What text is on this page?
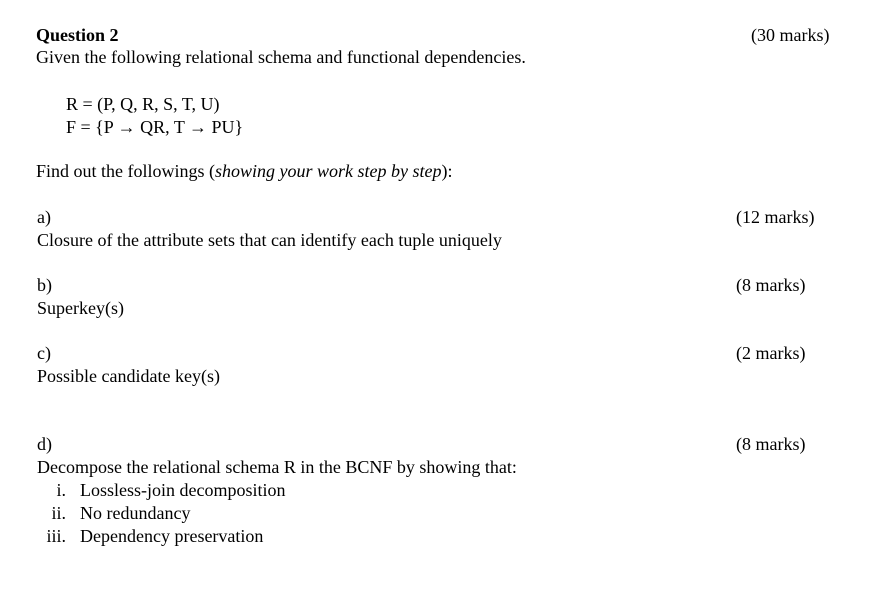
Question 2	(30 marks)
Given the following relational schema and functional dependencies.
R = (P, Q, R, S, T, U)
F = {P → QR, T → PU}
Find out the followings (showing your work step by step):
a)	(12 marks)
Closure of the attribute sets that can identify each tuple uniquely
b)	(8 marks)
Superkey(s)
c)	(2 marks)
Possible candidate key(s)
d)	(8 marks)
Decompose the relational schema R in the BCNF by showing that:
i. Lossless-join decomposition
ii. No redundancy
iii. Dependency preservation
